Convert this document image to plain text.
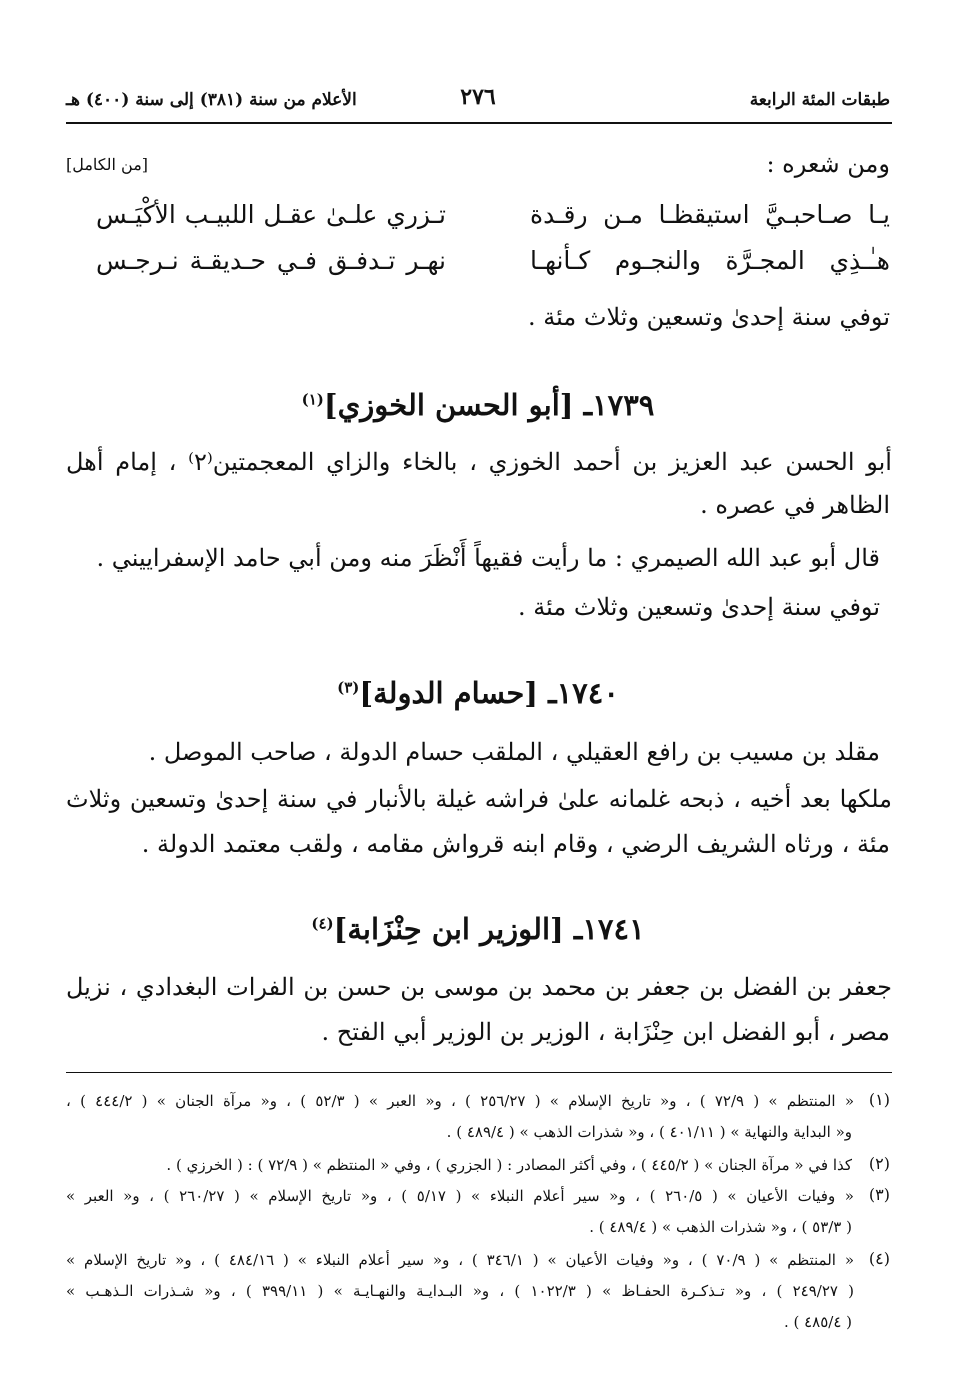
طبقات المئة الرابعة
٢٧٦
الأعلام من سنة (٣٨١) إلى سنة (٤٠٠) هـ
ومن شعره :
[من الكامل]
يـا صـاحبـيَّ استيقظـا مـن رقـدة
تـزري علـىٰ عقـل اللبيـب الأكْيَـس
هـٰـذِي المجـرَّة والنجـوم كـأنهـا
نهـر تـدفـق فـي حـديقـة نـرجـس
توفي سنة إحدىٰ وتسعين وثلاث مئة .
١٧٣٩ـ [أبو الحسن الخوزي]$^{(١)}$
أبو الحسن عبد العزيز بن أحمد الخوزي ، بالخاء والزاي المعجمتين⁽٢⁾ ، إمام أهل
الظاهر في عصره .
قال أبو عبد الله الصيمري : ما رأيت فقيهاً أَنْظَرَ منه ومن أبي حامد الإسفراييني .
توفي سنة إحدىٰ وتسعين وثلاث مئة .
١٧٤٠ـ [حسام الدولة]$^{(٣)}$
مقلد بن مسيب بن رافع العقيلي ، الملقب حسام الدولة ، صاحب الموصل .
ملكها بعد أخيه ، ذبحه غلمانه علىٰ فراشه غيلة بالأنبار في سنة إحدىٰ وتسعين وثلاث
مئة ، ورثاه الشريف الرضي ، وقام ابنه قرواش مقامه ، ولقب معتمد الدولة .
١٧٤١ـ [الوزير ابن حِنْزَابة]$^{(٤)}$
جعفر بن الفضل بن جعفر بن محمد بن موسى بن حسن بن الفرات البغدادي ، نزيل
مصر ، أبو الفضل ابن حِنْزَابة ، الوزير بن الوزير أبي الفتح .
(١)
« المنتظم » ( ٧٢/٩ ) ، و« تاريخ الإسلام » ( ٢٥٦/٢٧ ) ، و« العبر » ( ٥٢/٣ ) ، و« مرآة الجنان » ( ٤٤٤/٢ ) ،
و« البداية والنهاية » ( ٤٠١/١١ ) ، و« شذرات الذهب » ( ٤٨٩/٤ ) .
(٢)
كذا في « مرآة الجنان » ( ٤٤٥/٢ ) ، وفي أكثر المصادر : ( الجزري ) ، وفي « المنتظم » ( ٧٢/٩ ) : ( الخرزي ) .
(٣)
« وفيات الأعيان » ( ٢٦٠/٥ ) ، و« سير أعلام النبلاء » ( ٥/١٧ ) ، و« تاريخ الإسلام » ( ٢٦٠/٢٧ ) ، و« العبر »
( ٥٣/٣ ) ، و« شذرات الذهب » ( ٤٨٩/٤ ) .
(٤)
« المنتظم » ( ٧٠/٩ ) ، و« وفيات الأعيان » ( ٣٤٦/١ ) ، و« سير أعلام النبلاء » ( ٤٨٤/١٦ ) ، و« تاريخ الإسلام »
( ٢٤٩/٢٧ ) ، و« تـذكـرة الحفـاظ » ( ١٠٢٢/٣ ) ، و« البـدايـة والنهـايـة » ( ٣٩٩/١١ ) ، و« شـذرات الـذهـب »
( ٤٨٥/٤ ) .
